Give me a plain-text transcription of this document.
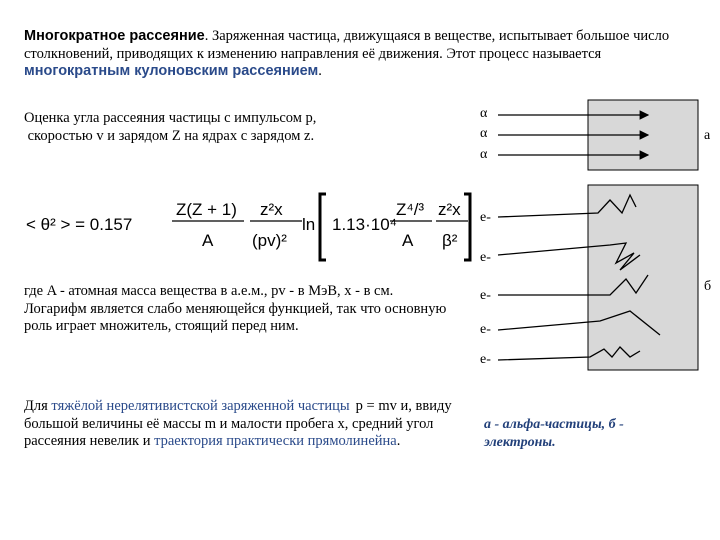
Многократное рассеяние. Заряженная частица, движущаяся в веществе, испытывает большое число столкновений, приводящих к изменению направления её движения. Этот процесс называется многократным кулоновским рассеянием.
Оценка угла рассеяния частицы с импульсом p,
скоростью v и зарядом Z на ядрах с зарядом z.
< θ² > = 0.157
Z(Z + 1)
A
z²x
(pv)²
ln 1.13·10⁴
Z⁴/³
A
z²x
β²
где A - атомная масса вещества в а.е.м., pv - в МэВ, x - в см. Логарифм является слабо меняющейся функцией, так что основную роль играет множитель, стоящий перед ним.
Для тяжёлой нерелятивистской заряженной частицы p = mv и, ввиду большой величины её массы m и малости пробега x, средний угол рассеяния невелик и траектория практически прямолинейна.
α
α
α
а
e-
e-
e-
e-
e-
б
а - альфа-частицы, б - электроны.
